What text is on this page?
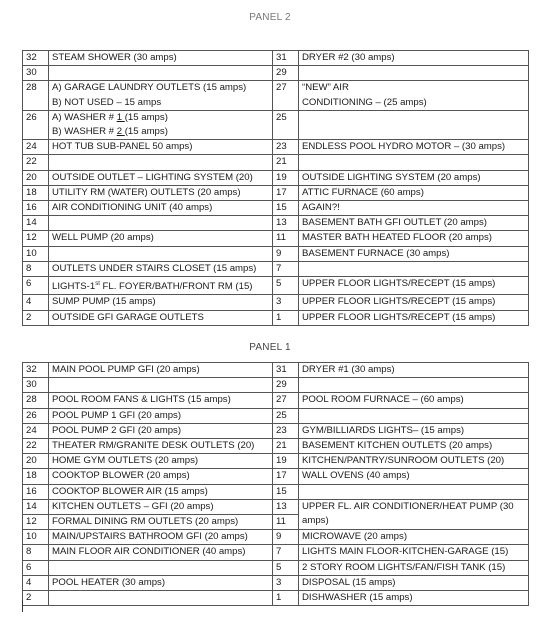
PANEL 2
32	STEAM SHOWER (30 amps)	31	DRYER #2 (30 amps)

30		29	

28	A) GARAGE LAUNDRY OUTLETS (15 amps)
B) NOT USED – 15 amps	27	“NEW” AIR
CONDITIONING – (25 amps)

26	A) WASHER # 1 (15 amps)
B) WASHER # 2 (15 amps)	25	

24	HOT TUB SUB-PANEL 50 amps)	23	ENDLESS POOL HYDRO MOTOR – (30 amps)

22		21	

20	OUTSIDE OUTLET – LIGHTING SYSTEM (20)	19	OUTSIDE LIGHTING SYSTEM (20 amps)

18	UTILITY RM (WATER) OUTLETS (20 amps)	17	ATTIC FURNACE (60 amps)

16	AIR CONDITIONING UNIT (40 amps)	15	AGAIN?!

14		13	BASEMENT BATH GFI OUTLET (20 amps)

12	WELL PUMP (20 amps)	11	MASTER BATH HEATED FLOOR (20 amps)

10		9	BASEMENT FURNACE (30 amps)

8	OUTLETS UNDER STAIRS CLOSET (15 amps)	7	

6	LIGHTS-1st FL. FOYER/BATH/FRONT RM (15)	5	UPPER FLOOR LIGHTS/RECEPT (15 amps)

4	SUMP PUMP (15 amps)	3	UPPER FLOOR LIGHTS/RECEPT (15 amps)

2	OUTSIDE GFI GARAGE OUTLETS	1	UPPER FLOOR LIGHTS/RECEPT (15 amps)
PANEL 1
32	MAIN POOL PUMP GFI (20 amps)	31	DRYER #1 (30 amps)

30		29	

28	POOL ROOM FANS & LIGHTS (15 amps)	27	POOL ROOM FURNACE – (60 amps)

26	POOL PUMP 1 GFI (20 amps)	25	

24	POOL PUMP 2 GFI (20 amps)	23	GYM/BILLIARDS LIGHTS– (15 amps)

22	THEATER RM/GRANITE DESK OUTLETS (20)	21	BASEMENT KITCHEN OUTLETS (20 amps)

20	HOME GYM OUTLETS (20 amps)	19	KITCHEN/PANTRY/SUNROOM OUTLETS (20)

18	COOKTOP BLOWER (20 amps)	17	WALL OVENS (40 amps)

16	COOKTOP BLOWER AIR (15 amps)	15	

14	KITCHEN OUTLETS – GFI (20 amps)	13	UPPER FL. AIR CONDITIONER/HEAT PUMP (30
amps)

12	FORMAL DINING RM OUTLETS (20 amps)	11	
10	MAIN/UPSTAIRS BATHROOM GFI (20 amps)	9	MICROWAVE (20 amps)

8	MAIN FLOOR AIR CONDITIONER (40 amps)	7	LIGHTS MAIN FLOOR-KITCHEN-GARAGE (15)

6		5	2 STORY ROOM LIGHTS/FAN/FISH TANK (15)

4	POOL HEATER (30 amps)	3	DISPOSAL (15 amps)

2		1	DISHWASHER (15 amps)
